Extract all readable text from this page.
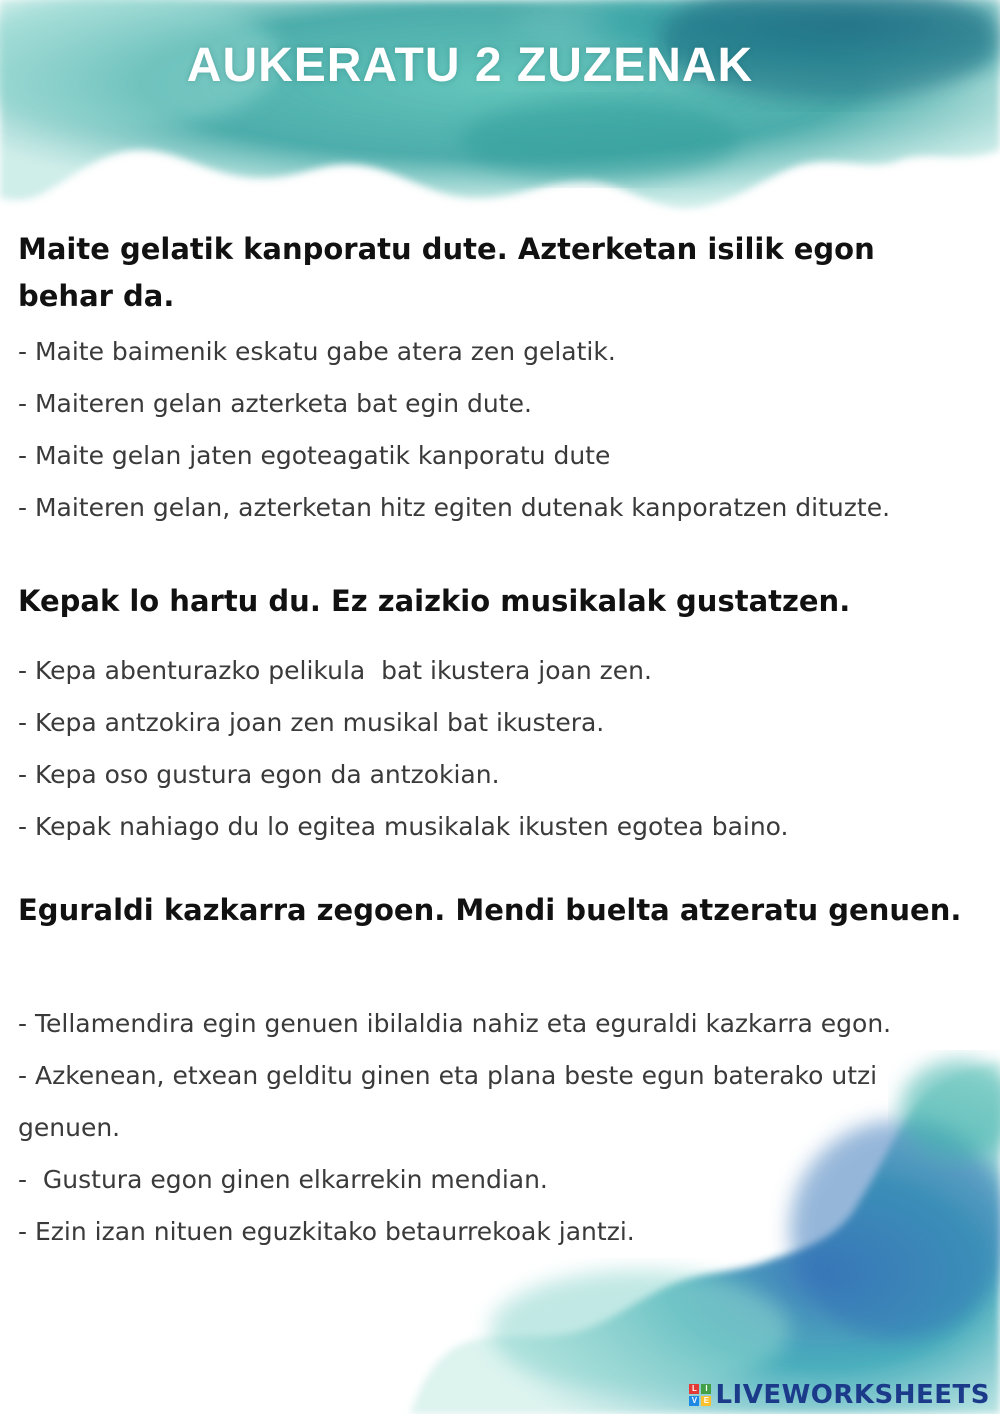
AUKERATU 2 ZUZENAK

Maite gelatik kanporatu dute. Azterketan isilik egon behar da.

- Maite baimenik eskatu gabe atera zen gelatik.
- Maiteren gelan azterketa bat egin dute.
- Maite gelan jaten egoteagatik kanporatu dute
- Maiteren gelan, azterketan hitz egiten dutenak kanporatzen dituzte.

Kepak lo hartu du. Ez zaizkio musikalak gustatzen.

- Kepa abenturazko pelikula  bat ikustera joan zen.
- Kepa antzokira joan zen musikal bat ikustera.
- Kepa oso gustura egon da antzokian.
- Kepak nahiago du lo egitea musikalak ikusten egotea baino.

Eguraldi kazkarra zegoen. Mendi buelta atzeratu genuen.

- Tellamendira egin genuen ibilaldia nahiz eta eguraldi kazkarra egon.
- Azkenean, etxean gelditu ginen eta plana beste egun baterako utzi genuen.
-  Gustura egon ginen elkarrekin mendian.
- Ezin izan nituen eguzkitako betaurrekoak jantzi.
L	I
V E LIVEWORKSHEETS
